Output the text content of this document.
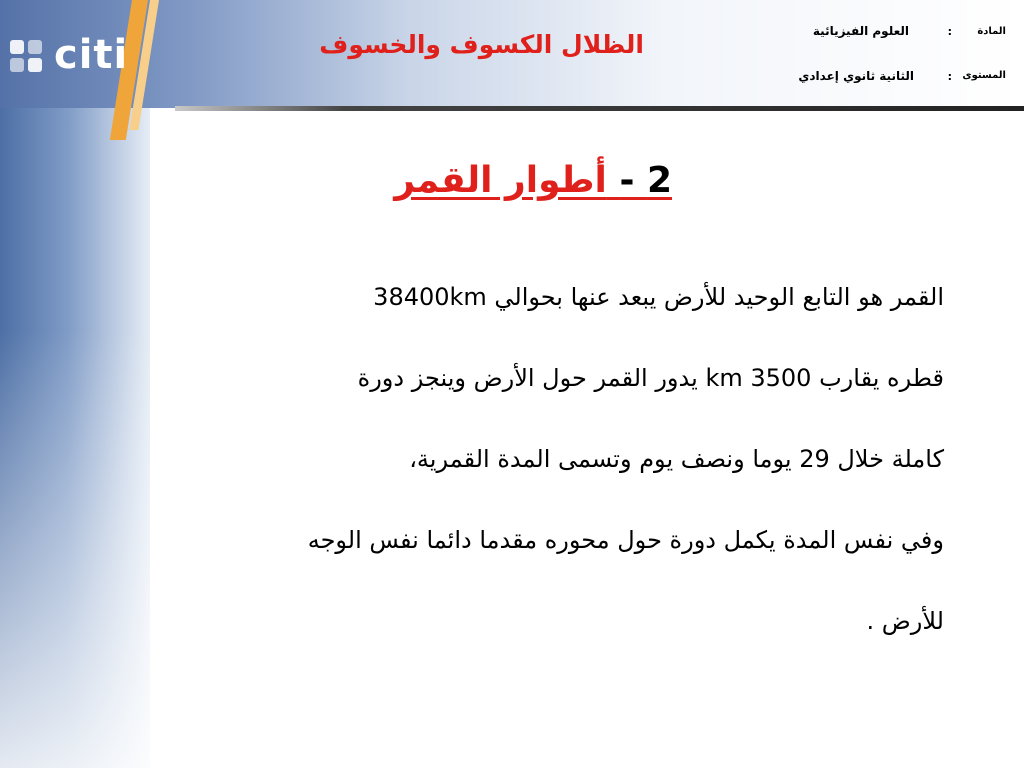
citi	الظلال الكسوف والخسوف	المادة
:
العلوم الفيزيائية
المستوى
:
الثانية ثانوي إعدادي
2 - أطوار القمر
القمر هو التابع الوحيد للأرض يبعد عنها بحوالي 38400km
قطره يقارب 3500 km يدور القمر حول الأرض وينجز دورة
كاملة خلال 29 يوما ونصف يوم وتسمى المدة القمرية،
وفي نفس المدة يكمل دورة حول محوره مقدما دائما نفس الوجه
للأرض .
